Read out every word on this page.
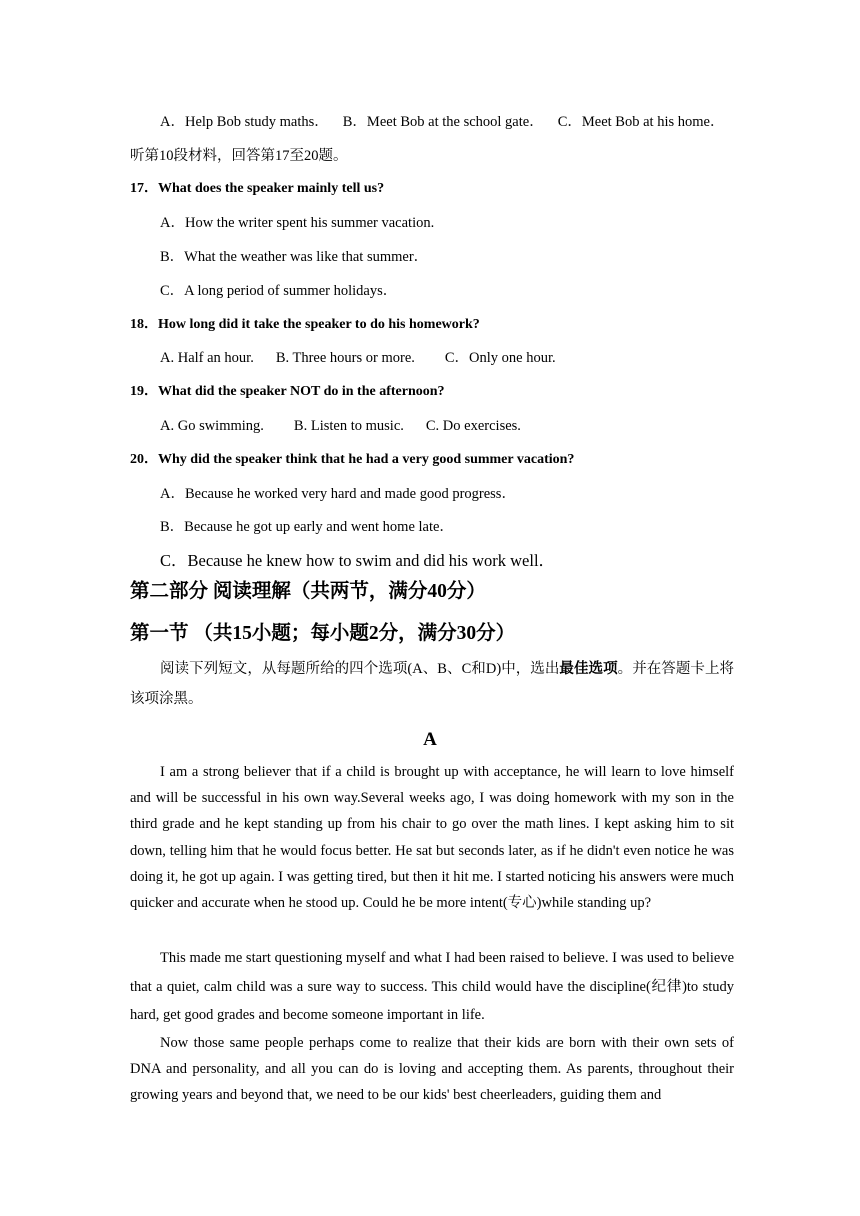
A．Help Bob study maths． B．Meet Bob at the school gate． C．Meet Bob at his home．
听第10段材料，回答第17至20题。
17．What does the speaker mainly tell us?
A．How the writer spent his summer vacation.
B．What the weather was like that summer．
C．A long period of summer holidays．
18．How long did it take the speaker to do his homework?
A. Half an hour. B. Three hours or more. C．Only one hour.
19．What did the speaker NOT do in the afternoon?
A. Go swimming. B. Listen to music. C. Do exercises.
20．Why did the speaker think that he had a very good summer vacation?
A．Because he worked very hard and made good progress．
B．Because he got up early and went home late．
C．Because he knew how to swim and did his work well．
第二部分 阅读理解（共两节，满分40分）
第一节 （共15小题；每小题2分，满分30分）
阅读下列短文，从每题所给的四个选项(A、B、C和D)中，选出最佳选项。并在答题卡上将该项涂黑。
A
I am a strong believer that if a child is brought up with acceptance, he will learn to love himself and will be successful in his own way.Several weeks ago, I was doing homework with my son in the third grade and he kept standing up from his chair to go over the math lines. I kept asking him to sit down, telling him that he would focus better. He sat but seconds later, as if he didn't even notice he was doing it, he got up again. I was getting tired, but then it hit me. I started noticing his answers were much quicker and accurate when he stood up. Could he be more intent(专心)while standing up?
This made me start questioning myself and what I had been raised to believe. I was used to believe that a quiet, calm child was a sure way to success. This child would have the discipline(纪律)to study hard, get good grades and become someone important in life.
Now those same people perhaps come to realize that their kids are born with their own sets of DNA and personality, and all you can do is loving and accepting them. As parents, throughout their growing years and beyond that, we need to be our kids' best cheerleaders, guiding them and
